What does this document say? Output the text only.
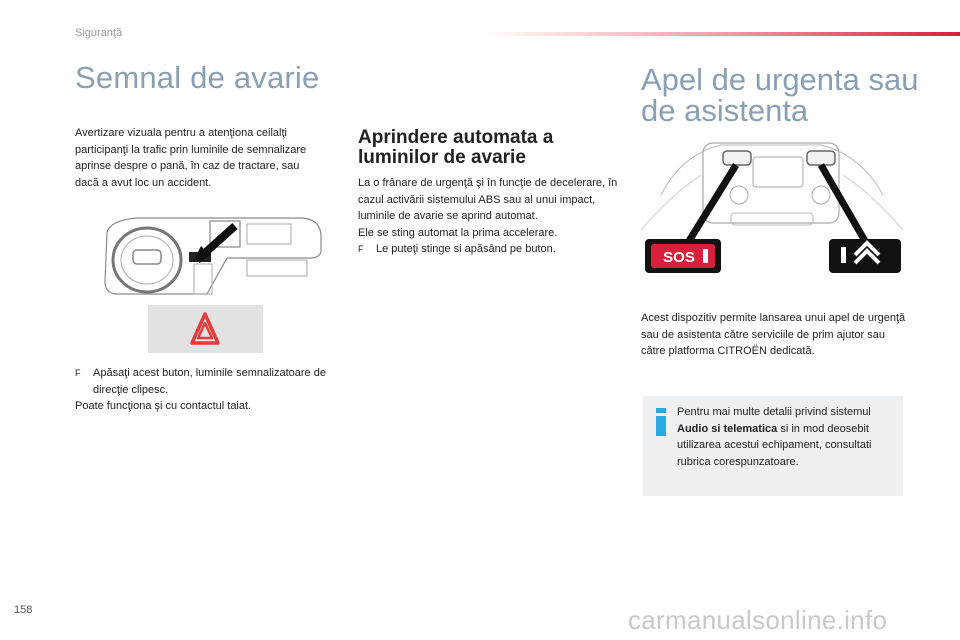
Siguranţă
Semnal de avarie
Avertizare vizuala pentru a atenţiona ceilalţi participanţi la trafic prin luminile de semnalizare aprinse despre o pană, în caz de tractare, sau dacă a avut loc un accident.
F	Apăsaţi acest buton, luminile semnalizatoare de direcţie clipesc.
Poate funcţiona şi cu contactul taiat.
Aprindere automata a luminilor de avarie
La o frânare de urgenţă şi în funcţie de decelerare, în cazul activării sistemului ABS sau al unui impact, luminile de avarie se aprind automat.
Ele se sting automat la prima accelerare.
F	Le puteţi stinge si apăsând pe buton.
Apel de urgenta sau de asistenta
SOS
Acest dispozitiv permite lansarea unui apel de urgenţă sau de asistenta către serviciile de prim ajutor sau către platforma CITROËN dedicată.
Pentru mai multe detalii privind sistemul Audio si telematica si in mod deosebit utilizarea acestui echipament, consultati rubrica corespunzatoare.
158	carmanualsonline.info
